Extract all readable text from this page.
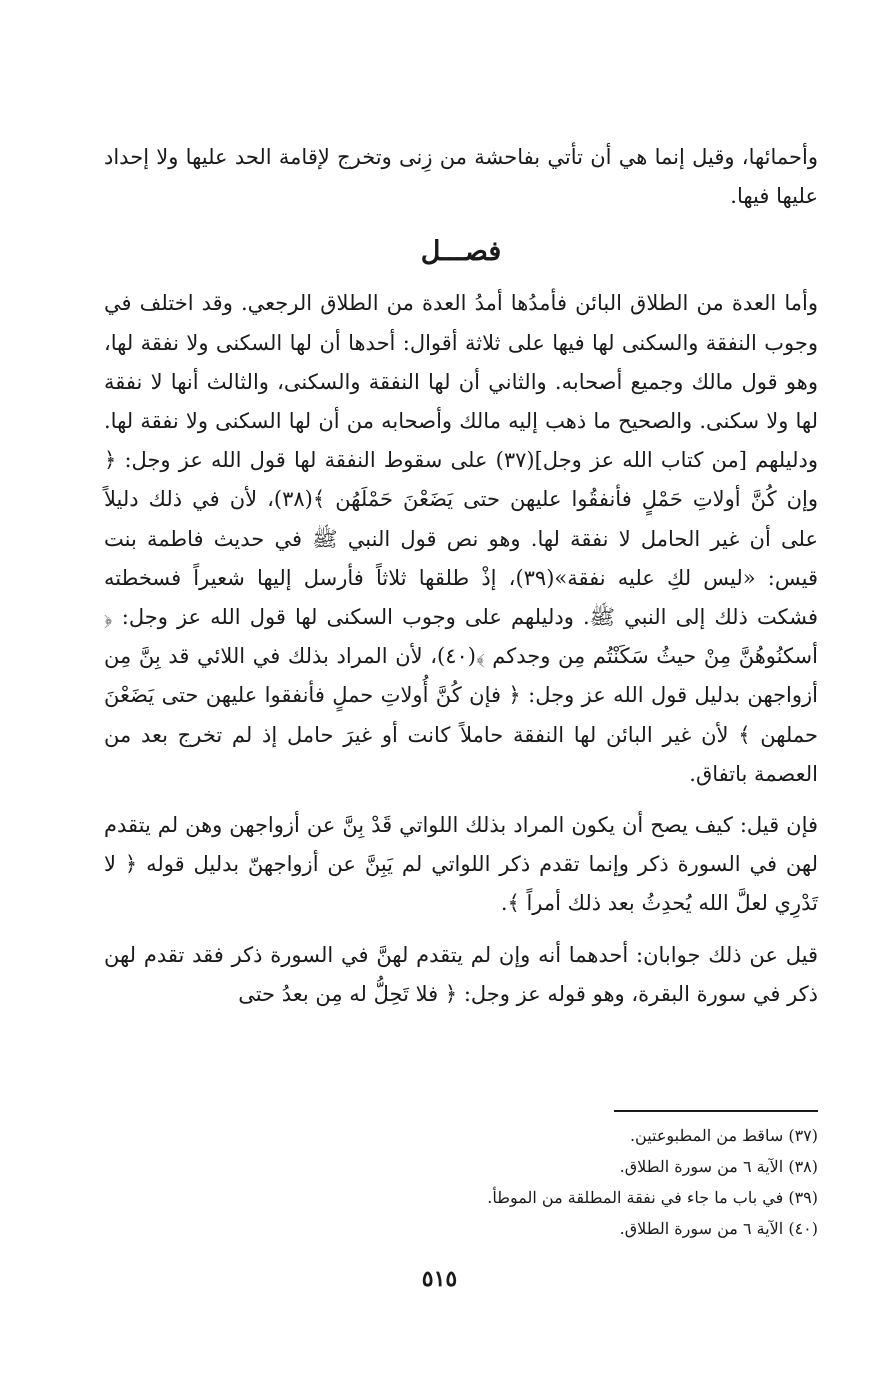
وأحمائها، وقيل إنما هي أن تأتي بفاحشة من زِنى وتخرج لإقامة الحد عليها ولا إحداد عليها فيها.

فصـــل

وأما العدة من الطلاق البائن فأمدُها أمدُ العدة من الطلاق الرجعي. وقد اختلف في وجوب النفقة والسكنى لها فيها على ثلاثة أقوال: أحدها أن لها السكنى ولا نفقة لها، وهو قول مالك وجميع أصحابه. والثاني أن لها النفقة والسكنى، والثالث أنها لا نفقة لها ولا سكنى. والصحيح ما ذهب إليه مالك وأصحابه من أن لها السكنى ولا نفقة لها. ودليلهم [من كتاب الله عز وجل](٣٧) على سقوط النفقة لها قول الله عز وجل: ﴿ وإن كُنَّ أولاتِ حَمْلٍ فأنفقُوا عليهن حتى يَضَعْنَ حَمْلَهُن ﴾(٣٨)، لأن في ذلك دليلاً على أن غير الحامل لا نفقة لها. وهو نص قول النبي ﷺ في حديث فاطمة بنت قيس: «ليس لكِ عليه نفقة»(٣٩)، إذْ طلقها ثلاثاً فأرسل إليها شعيراً فسخطته فشكت ذلك إلى النبي ﷺ. ودليلهم على وجوب السكنى لها قول الله عز وجل: ﴿ أسكنُوهُنَّ مِنْ حيثُ سَكَنْتُم مِن وجدكم ﴾(٤٠)، لأن المراد بذلك في اللائي قد بِنَّ مِن أزواجهن بدليل قول الله عز وجل: ﴿ فإن كُنَّ أُولاتِ حملٍ فأنفقوا عليهن حتى يَضَعْنَ حملهن ﴾ لأن غير البائن لها النفقة حاملاً كانت أو غيرَ حامل إذ لم تخرج بعد من العصمة باتفاق.

فإن قيل: كيف يصح أن يكون المراد بذلك اللواتي قَدْ بِنَّ عن أزواجهن وهن لم يتقدم لهن في السورة ذكر وإنما تقدم ذكر اللواتي لم يَبِنَّ عن أزواجهنّ بدليل قوله ﴿ لا تَدْرِي لعلَّ الله يُحدِثُ بعد ذلك أمراً ﴾.

قيل عن ذلك جوابان: أحدهما أنه وإن لم يتقدم لهنَّ في السورة ذكر فقد تقدم لهن ذكر في سورة البقرة، وهو قوله عز وجل: ﴿ فلا تَحِلُّ له مِن بعدُ حتى

(٣٧) ساقط من المطبوعتين.

(٣٨) الآية ٦ من سورة الطلاق.

(٣٩) في باب ما جاء في نفقة المطلقة من الموطأ.

(٤٠) الآية ٦ من سورة الطلاق.

٥١٥
